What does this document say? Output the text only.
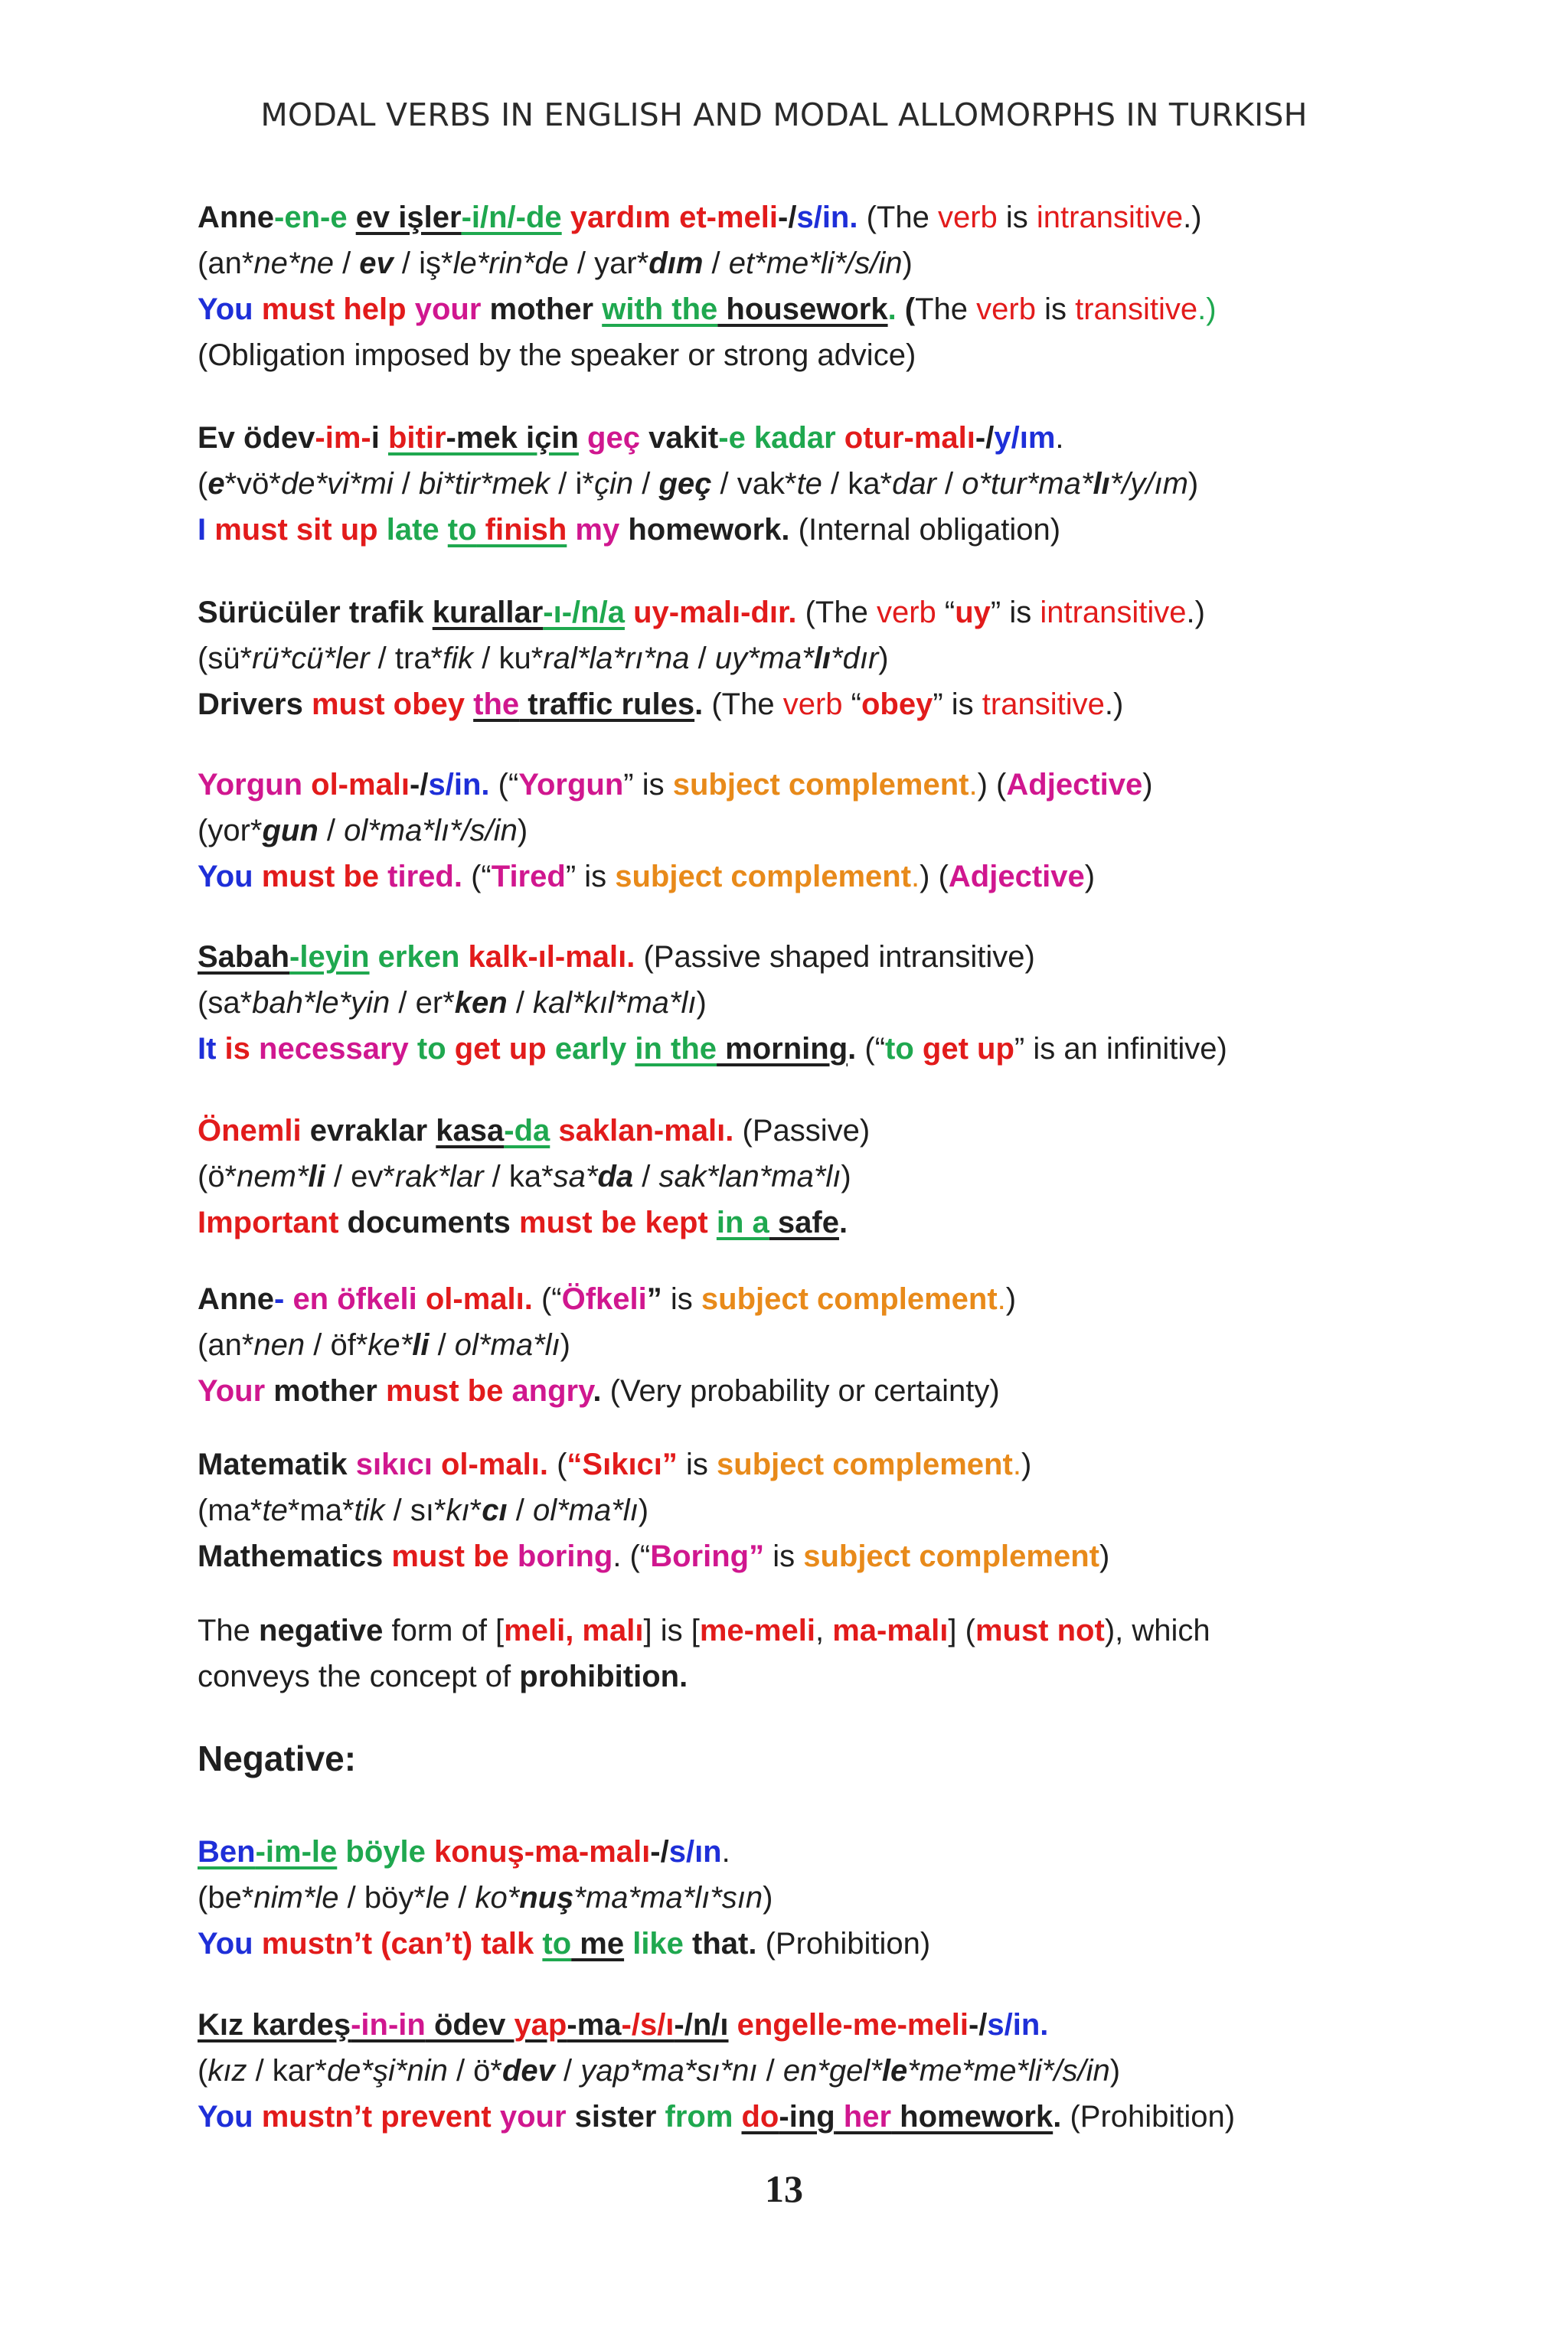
MODAL VERBS IN ENGLISH AND MODAL ALLOMORPHS IN TURKISH
Anne-en-e ev işler-i/n/-de yardım et-meli-/s/in. (The verb is intransitive.)
(an*ne*ne / ev / iş*le*rin*de / yar*dım / et*me*li*/s/in)
You must help your mother with the housework. (The verb is transitive.)
(Obligation imposed by the speaker or strong advice)
Ev ödev-im-i bitir-mek için geç vakit-e kadar otur-malı-/y/ım.
(e*vö*de*vi*mi / bi*tir*mek / i*çin / geç / vak*te / ka*dar / o*tur*ma*lı*/y/ım)
I must sit up late to finish my homework. (Internal obligation)
Sürücüler trafik kurallar-ı-/n/a uy-malı-dır. (The verb “uy” is intransitive.)
(sü*rü*cü*ler / tra*fik / ku*ral*la*rı*na / uy*ma*lı*dır)
Drivers must obey the traffic rules. (The verb “obey” is transitive.)
Yorgun ol-malı-/s/in. (“Yorgun” is subject complement.) (Adjective)
(yor*gun / ol*ma*lı*/s/in)
You must be tired. (“Tired” is subject complement.) (Adjective)
Sabah-leyin erken kalk-ıl-malı. (Passive shaped intransitive)
(sa*bah*le*yin / er*ken / kal*kıl*ma*lı)
It is necessary to get up early in the morning. (“to get up” is an infinitive)
Önemli evraklar kasa-da saklan-malı. (Passive)
(ö*nem*li / ev*rak*lar / ka*sa*da / sak*lan*ma*lı)
Important documents must be kept in a safe.
Anne- en öfkeli ol-malı. (“Öfkeli” is subject complement.)
(an*nen / öf*ke*li / ol*ma*lı)
Your mother must be angry. (Very probability or certainty)
Matematik sıkıcı ol-malı. (“Sıkıcı” is subject complement.)
(ma*te*ma*tik / sı*kı*cı / ol*ma*lı)
Mathematics must be boring. (“Boring” is subject complement)
The negative form of [meli, malı] is [me-meli, ma-malı] (must not), which
conveys the concept of prohibition.
Negative:
Ben-im-le böyle konuş-ma-malı-/s/ın.
(be*nim*le / böy*le / ko*nuş*ma*ma*lı*sın)
You mustn’t (can’t) talk to me like that. (Prohibition)
Kız kardeş-in-in ödev yap-ma-/s/ı-/n/ı engelle-me-meli-/s/in.
(kız / kar*de*şi*nin / ö*dev / yap*ma*sı*nı / en*gel*le*me*me*li*/s/in)
You mustn’t prevent your sister from do-ing her homework. (Prohibition)
13
